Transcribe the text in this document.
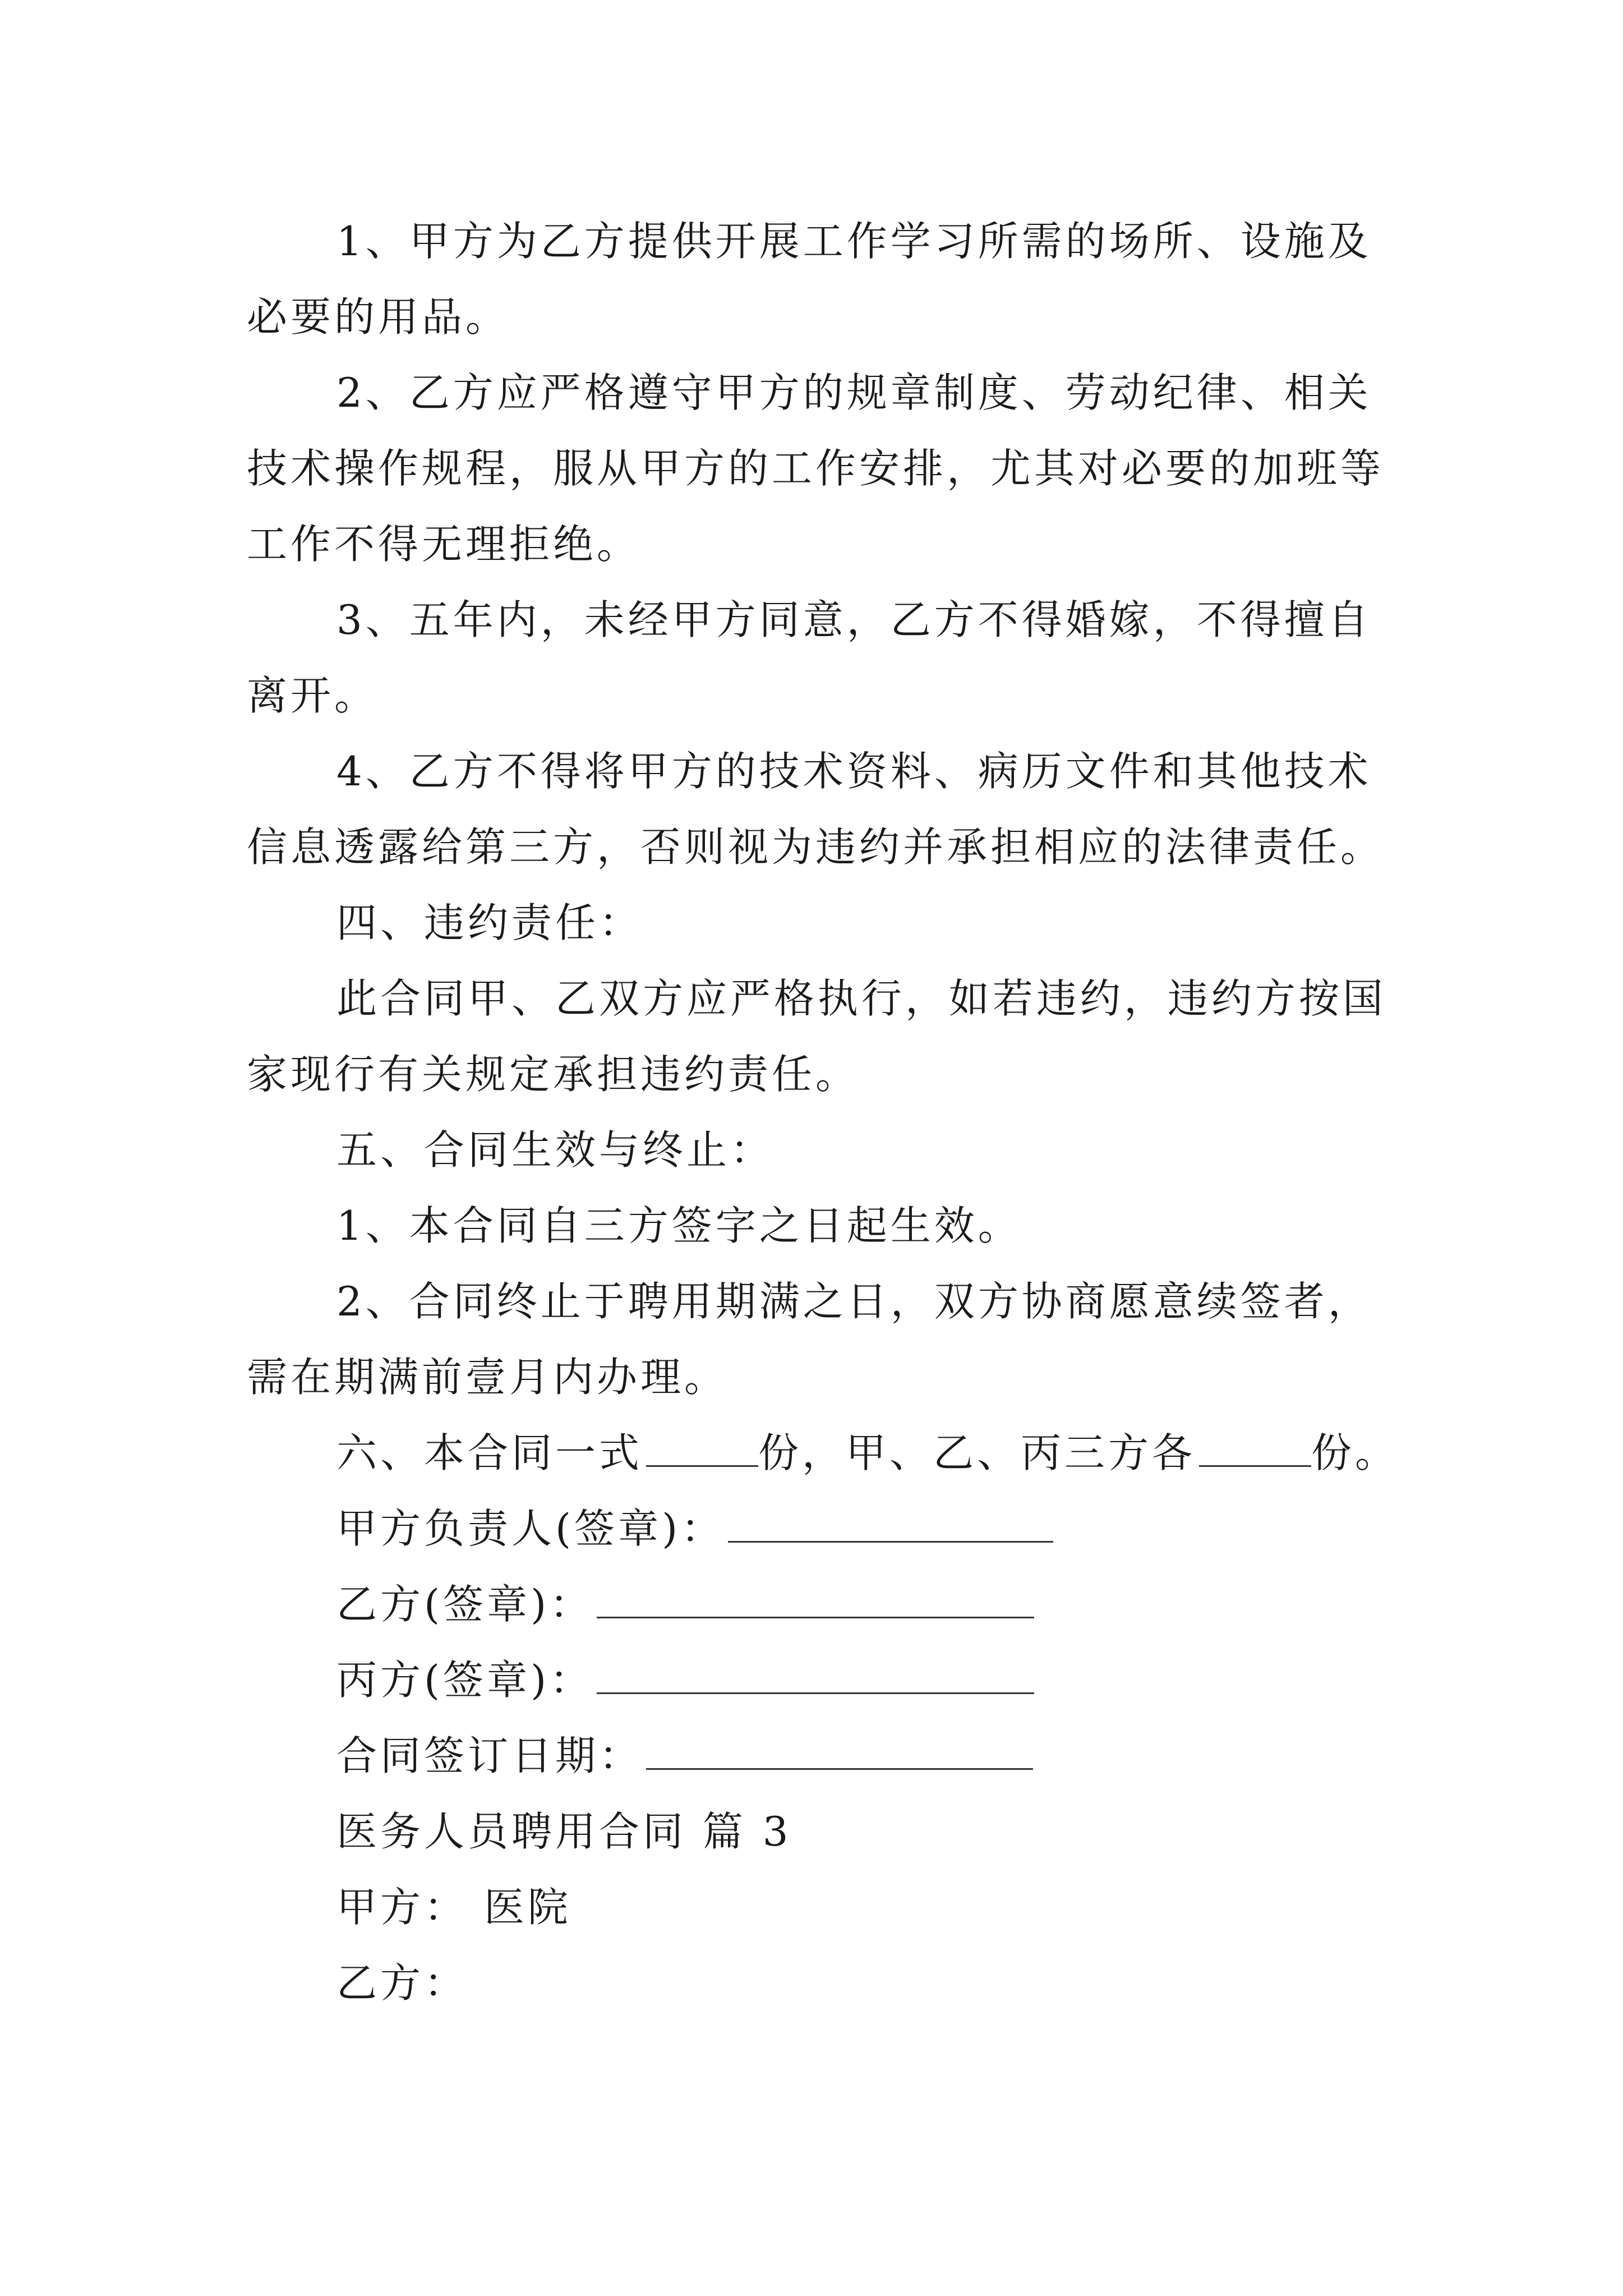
1、甲方为乙方提供开展工作学习所需的场所、设施及
必要的用品。
2、乙方应严格遵守甲方的规章制度、劳动纪律、相关
技术操作规程，服从甲方的工作安排，尤其对必要的加班等
工作不得无理拒绝。
3、五年内，未经甲方同意，乙方不得婚嫁，不得擅自
离开。
4、乙方不得将甲方的技术资料、病历文件和其他技术
信息透露给第三方，否则视为违约并承担相应的法律责任。
四、违约责任：
此合同甲、乙双方应严格执行，如若违约，违约方按国
家现行有关规定承担违约责任。
五、合同生效与终止：
1、本合同自三方签字之日起生效。
2、合同终止于聘用期满之日，双方协商愿意续签者，
需在期满前壹月内办理。
六、本合同一式	份，甲、乙、丙三方各	份。
甲方负责人(签章)：
乙方(签章)：
丙方(签章)：
合同签订日期：
医务人员聘用合同 篇 3
甲方： 医院
乙方：
